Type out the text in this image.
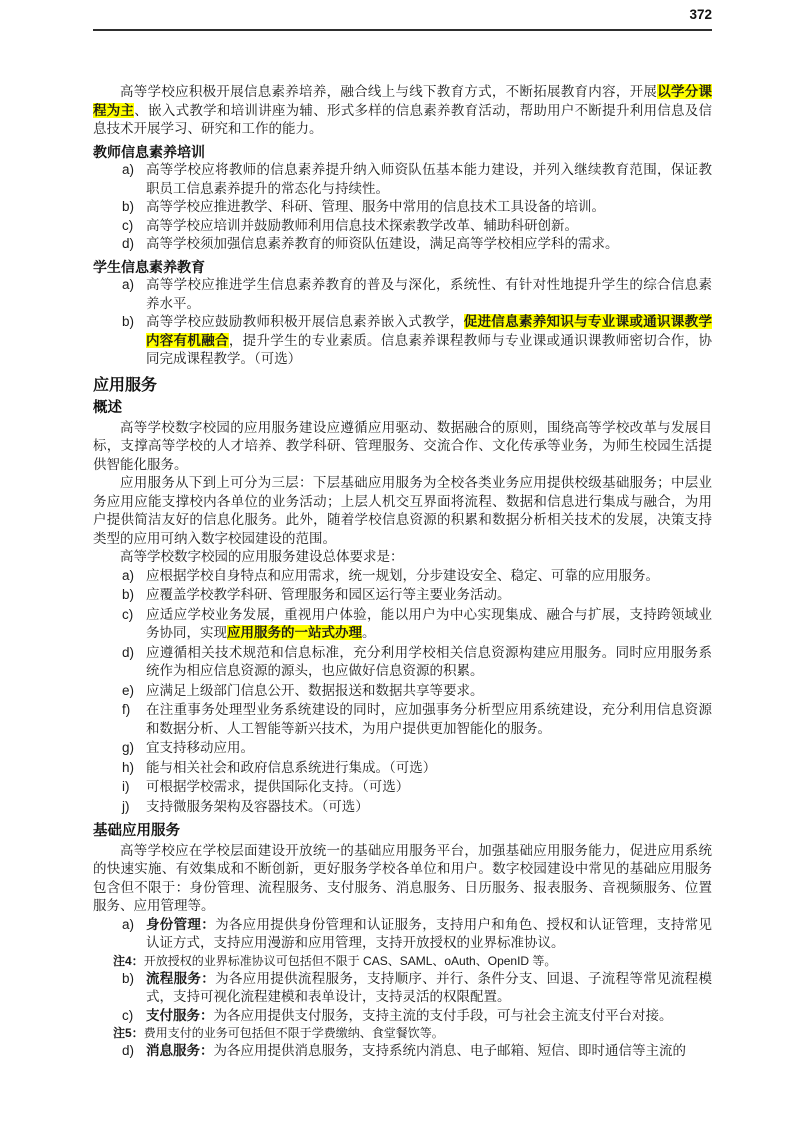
372

高等学校应积极开展信息素养培养，融合线上与线下教育方式，不断拓展教育内容，开展以学分课程为主、嵌入式教学和培训讲座为辅、形式多样的信息素养教育活动，帮助用户不断提升利用信息及信息技术开展学习、研究和工作的能力。

教师信息素养培训
a) 高等学校应将教师的信息素养提升纳入师资队伍基本能力建设，并列入继续教育范围，保证教职员工信息素养提升的常态化与持续性。
b) 高等学校应推进教学、科研、管理、服务中常用的信息技术工具设备的培训。
c) 高等学校应培训并鼓励教师利用信息技术探索教学改革、辅助科研创新。
d) 高等学校须加强信息素养教育的师资队伍建设，满足高等学校相应学科的需求。
学生信息素养教育
a) 高等学校应推进学生信息素养教育的普及与深化，系统性、有针对性地提升学生的综合信息素养水平。
b) 高等学校应鼓励教师积极开展信息素养嵌入式教学，促进信息素养知识与专业课或通识课教学内容有机融合，提升学生的专业素质。信息素养课程教师与专业课或通识课教师密切合作，协同完成课程教学。（可选）
应用服务
概述

高等学校数字校园的应用服务建设应遵循应用驱动、数据融合的原则，围绕高等学校改革与发展目标，支撑高等学校的人才培养、教学科研、管理服务、交流合作、文化传承等业务，为师生校园生活提供智能化服务。

应用服务从下到上可分为三层：下层基础应用服务为全校各类业务应用提供校级基础服务；中层业务应用应能支撑校内各单位的业务活动；上层人机交互界面将流程、数据和信息进行集成与融合，为用户提供简洁友好的信息化服务。此外，随着学校信息资源的积累和数据分析相关技术的发展，决策支持类型的应用可纳入数字校园建设的范围。

高等学校数字校园的应用服务建设总体要求是：

a) 应根据学校自身特点和应用需求，统一规划，分步建设安全、稳定、可靠的应用服务。
b) 应覆盖学校教学科研、管理服务和园区运行等主要业务活动。
c) 应适应学校业务发展，重视用户体验，能以用户为中心实现集成、融合与扩展，支持跨领域业务协同，实现应用服务的一站式办理。
d) 应遵循相关技术规范和信息标准，充分利用学校相关信息资源构建应用服务。同时应用服务系统作为相应信息资源的源头，也应做好信息资源的积累。
e) 应满足上级部门信息公开、数据报送和数据共享等要求。
f) 在注重事务处理型业务系统建设的同时，应加强事务分析型应用系统建设，充分利用信息资源和数据分析、人工智能等新兴技术，为用户提供更加智能化的服务。
g) 宜支持移动应用。
h) 能与相关社会和政府信息系统进行集成。（可选）
i) 可根据学校需求，提供国际化支持。（可选）
j) 支持微服务架构及容器技术。（可选）
基础应用服务

高等学校应在学校层面建设开放统一的基础应用服务平台，加强基础应用服务能力，促进应用系统的快速实施、有效集成和不断创新，更好服务学校各单位和用户。数字校园建设中常见的基础应用服务包含但不限于：身份管理、流程服务、支付服务、消息服务、日历服务、报表服务、音视频服务、位置服务、应用管理等。

a) 身份管理：为各应用提供身份管理和认证服务，支持用户和角色、授权和认证管理，支持常见认证方式，支持应用漫游和应用管理，支持开放授权的业界标准协议。
注4：开放授权的业界标准协议可包括但不限于 CAS、SAML、oAuth、OpenID 等。
b) 流程服务：为各应用提供流程服务，支持顺序、并行、条件分支、回退、子流程等常见流程模式，支持可视化流程建模和表单设计，支持灵活的权限配置。
c) 支付服务：为各应用提供支付服务，支持主流的支付手段，可与社会主流支付平台对接。
注5：费用支付的业务可包括但不限于学费缴纳、食堂餐饮等。
d) 消息服务：为各应用提供消息服务，支持系统内消息、电子邮箱、短信、即时通信等主流的
